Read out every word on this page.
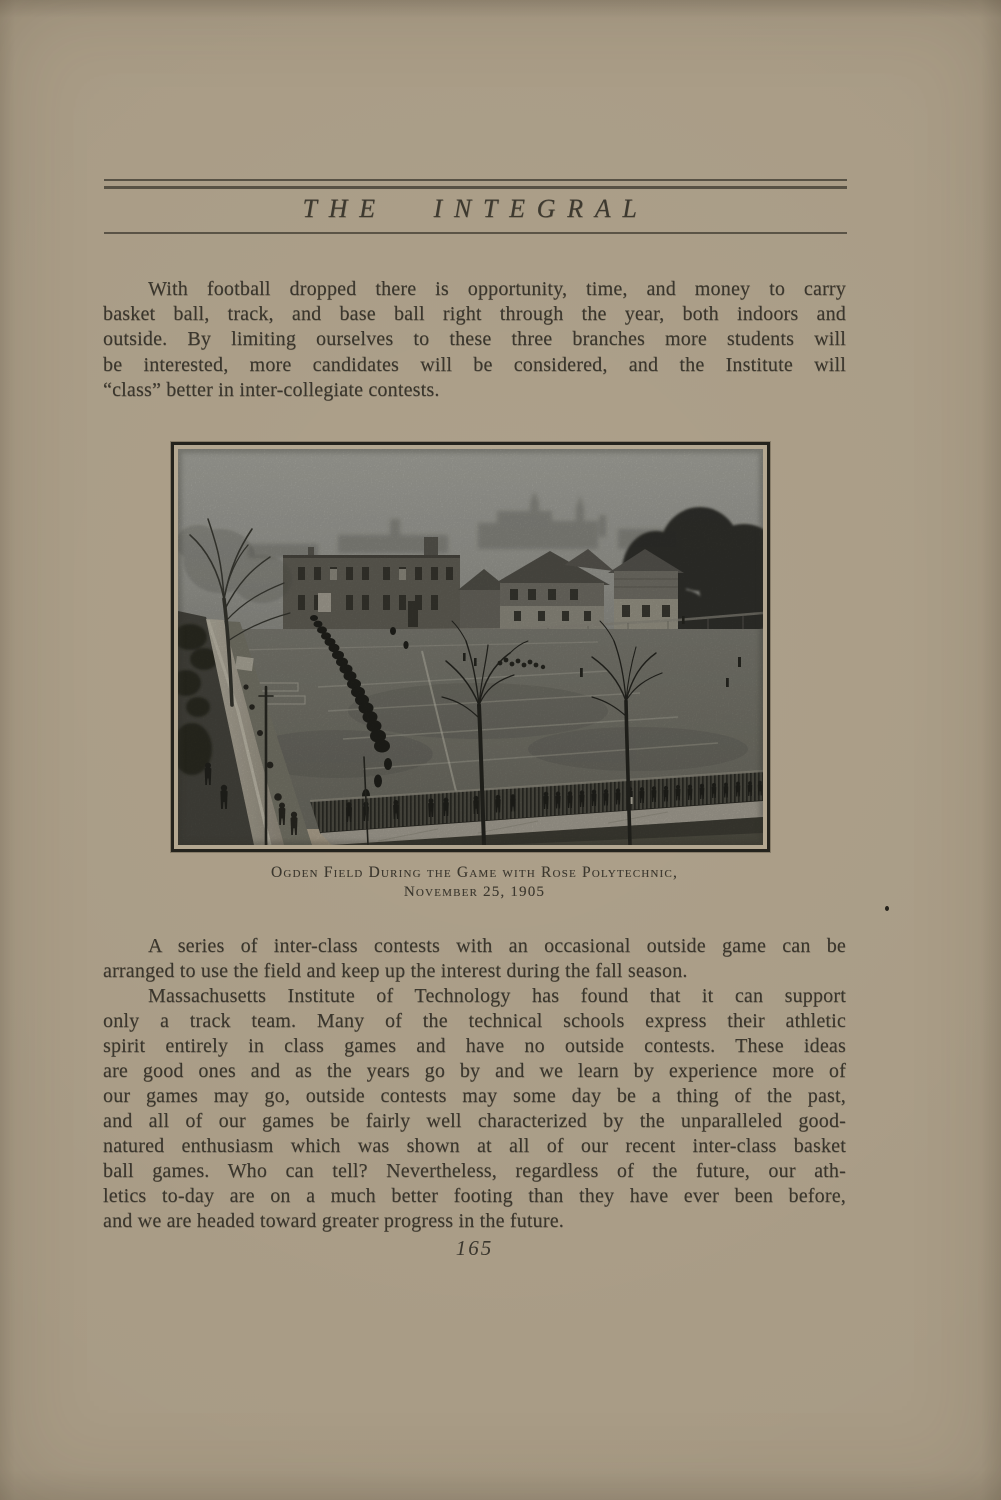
THE INTEGRAL
With football dropped there is opportunity, time, and money to carry
basket ball, track, and base ball right through the year, both indoors and
outside. By limiting ourselves to these three branches more students will
be interested, more candidates will be considered, and the Institute will
“class” better in inter-collegiate contests.
Ogden Field During the Game with Rose Polytechnic,
November 25, 1905
A series of inter-class contests with an occasional outside game can be
arranged to use the field and keep up the interest during the fall season.
Massachusetts Institute of Technology has found that it can support
only a track team. Many of the technical schools express their athletic
spirit entirely in class games and have no outside contests. These ideas
are good ones and as the years go by and we learn by experience more of
our games may go, outside contests may some day be a thing of the past,
and all of our games be fairly well characterized by the unparalleled good-
natured enthusiasm which was shown at all of our recent inter-class basket
ball games. Who can tell? Nevertheless, regardless of the future, our ath-
letics to-day are on a much better footing than they have ever been before,
and we are headed toward greater progress in the future.
165
